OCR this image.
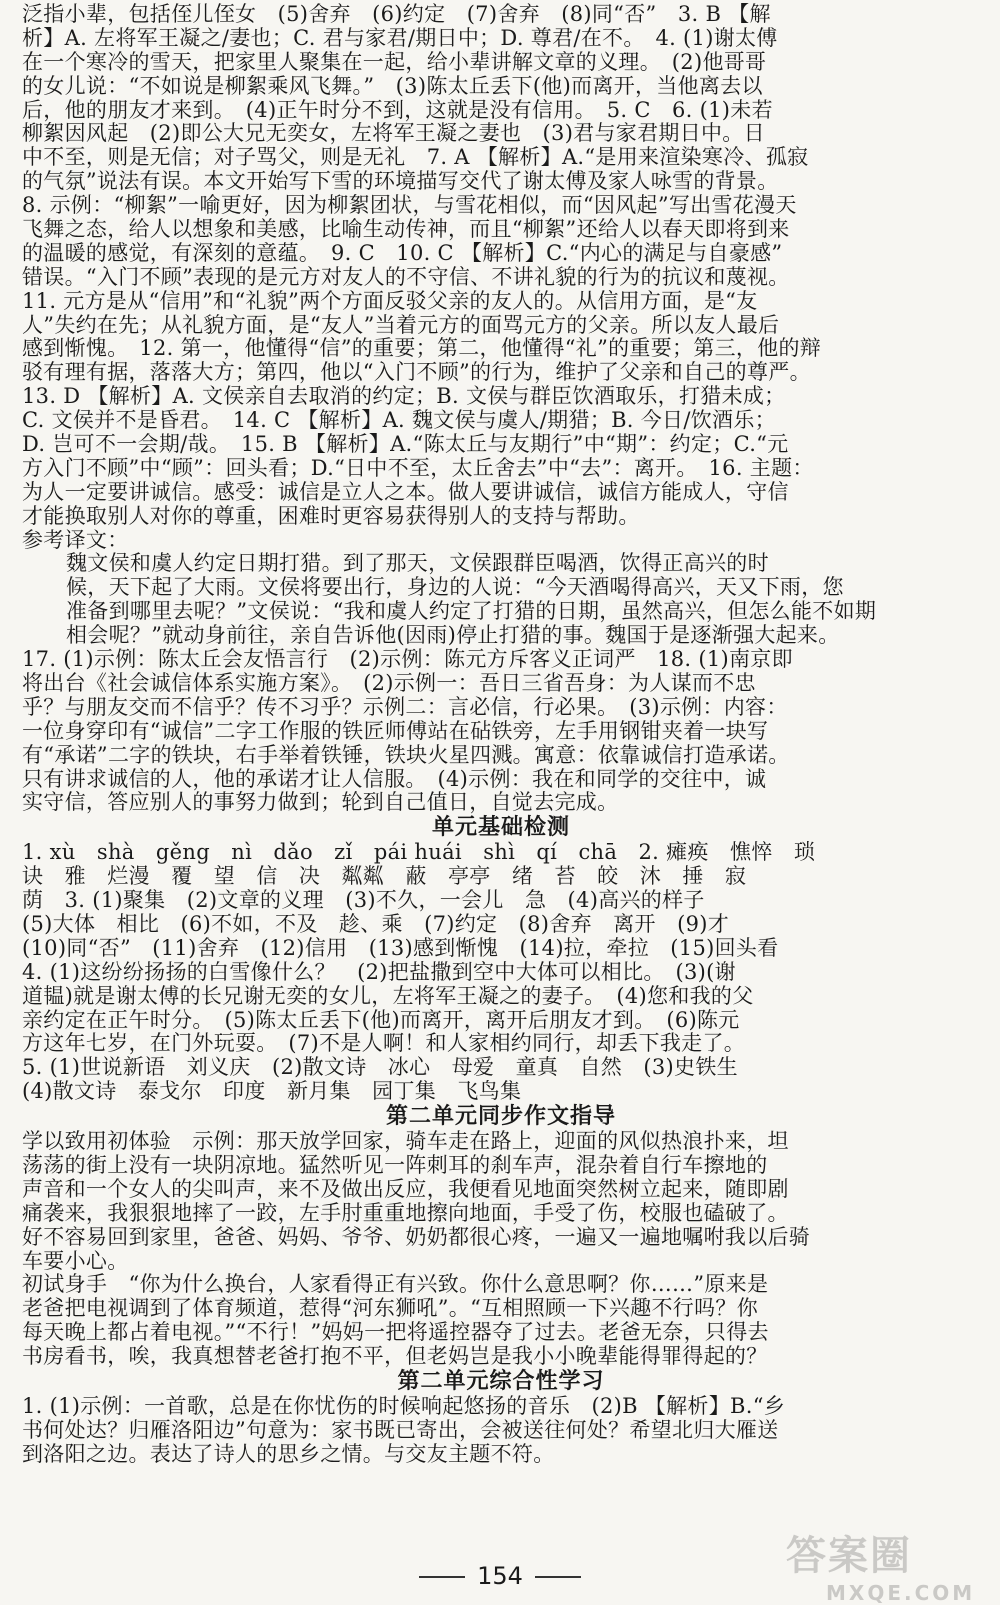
泛指小辈，包括侄儿侄女　(5)舍弃　(6)约定　(7)舍弃　(8)同“否”　3. B 【解
析】A. 左将军王凝之/妻也；C. 君与家君/期日中；D. 尊君/在不。　4. (1)谢太傅
在一个寒冷的雪天，把家里人聚集在一起，给小辈讲解文章的义理。　(2)他哥哥
的女儿说：“不如说是柳絮乘风飞舞。”　(3)陈太丘丢下(他)而离开，当他离去以
后，他的朋友才来到。　(4)正午时分不到，这就是没有信用。　5. C　6. (1)未若
柳絮因风起　(2)即公大兄无奕女，左将军王凝之妻也　(3)君与家君期日中。日
中不至，则是无信；对子骂父，则是无礼　7. A 【解析】A.“是用来渲染寒冷、孤寂
的气氛”说法有误。本文开始写下雪的环境描写交代了谢太傅及家人咏雪的背景。
8. 示例：“柳絮”一喻更好，因为柳絮团状，与雪花相似，而“因风起”写出雪花漫天
飞舞之态，给人以想象和美感，比喻生动传神，而且“柳絮”还给人以春天即将到来
的温暖的感觉，有深刻的意蕴。　9. C　10. C 【解析】C.“内心的满足与自豪感”
错误。“入门不顾”表现的是元方对友人的不守信、不讲礼貌的行为的抗议和蔑视。
11. 元方是从“信用”和“礼貌”两个方面反驳父亲的友人的。从信用方面，是“友
人”失约在先；从礼貌方面，是“友人”当着元方的面骂元方的父亲。所以友人最后
感到惭愧。　12. 第一，他懂得“信”的重要；第二，他懂得“礼”的重要；第三，他的辩
驳有理有据，落落大方；第四，他以“入门不顾”的行为，维护了父亲和自己的尊严。
13. D 【解析】A. 文侯亲自去取消的约定；B. 文侯与群臣饮酒取乐，打猎未成；
C. 文侯并不是昏君。　14. C 【解析】A. 魏文侯与虞人/期猎；B. 今日/饮酒乐；
D. 岂可不一会期/哉。　15. B 【解析】A.“陈太丘与友期行”中“期”：约定；C.“元
方入门不顾”中“顾”：回头看；D.“日中不至，太丘舍去”中“去”：离开。　16. 主题：
为人一定要讲诚信。感受：诚信是立人之本。做人要讲诚信，诚信方能成人，守信
才能换取别人对你的尊重，困难时更容易获得别人的支持与帮助。
参考译文：
魏文侯和虞人约定日期打猎。到了那天，文侯跟群臣喝酒，饮得正高兴的时
候，天下起了大雨。文侯将要出行，身边的人说：“今天酒喝得高兴，天又下雨，您
准备到哪里去呢？”文侯说：“我和虞人约定了打猎的日期，虽然高兴，但怎么能不如期
相会呢？”就动身前往，亲自告诉他(因雨)停止打猎的事。魏国于是逐渐强大起来。
17. (1)示例：陈太丘会友悟言行　(2)示例：陈元方斥客义正词严　18. (1)南京即
将出台《社会诚信体系实施方案》。　(2)示例一：吾日三省吾身：为人谋而不忠
乎？与朋友交而不信乎？传不习乎？示例二：言必信，行必果。　(3)示例：内容：
一位身穿印有“诚信”二字工作服的铁匠师傅站在砧铁旁，左手用钢钳夹着一块写
有“承诺”二字的铁块，右手举着铁锤，铁块火星四溅。寓意：依靠诚信打造承诺。
只有讲求诚信的人，他的承诺才让人信服。　(4)示例：我在和同学的交往中，诚
实守信，答应别人的事努力做到；轮到自己值日，自觉去完成。
单元基础检测
1. xù　shà　gěng　nì　dǎo　zǐ　pái huái　shì　qí　chā　2. 瘫痪　憔悴　琐
诀　雅　烂漫　覆　望　信　决　粼粼　蔽　亭亭　绪　苔　皎　沐　捶　寂
荫　3. (1)聚集　(2)文章的义理　(3)不久，一会儿　急　(4)高兴的样子
(5)大体　相比　(6)不如，不及　趁、乘　(7)约定　(8)舍弃　离开　(9)才
(10)同“否”　(11)舍弃　(12)信用　(13)感到惭愧　(14)拉，牵拉　(15)回头看
4. (1)这纷纷扬扬的白雪像什么？　(2)把盐撒到空中大体可以相比。　(3)(谢
道韫)就是谢太傅的长兄谢无奕的女儿，左将军王凝之的妻子。　(4)您和我的父
亲约定在正午时分。　(5)陈太丘丢下(他)而离开，离开后朋友才到。　(6)陈元
方这年七岁，在门外玩耍。　(7)不是人啊！和人家相约同行，却丢下我走了。
5. (1)世说新语　刘义庆　(2)散文诗　冰心　母爱　童真　自然　(3)史铁生
(4)散文诗　泰戈尔　印度　新月集　园丁集　飞鸟集
第二单元同步作文指导
学以致用初体验　示例：那天放学回家，骑车走在路上，迎面的风似热浪扑来，坦
荡荡的街上没有一块阴凉地。猛然听见一阵刺耳的刹车声，混杂着自行车擦地的
声音和一个女人的尖叫声，来不及做出反应，我便看见地面突然树立起来，随即剧
痛袭来，我狠狠地摔了一跤，左手肘重重地擦向地面，手受了伤，校服也磕破了。
好不容易回到家里，爸爸、妈妈、爷爷、奶奶都很心疼，一遍又一遍地嘱咐我以后骑
车要小心。
初试身手　“你为什么换台，人家看得正有兴致。你什么意思啊？你……”原来是
老爸把电视调到了体育频道，惹得“河东狮吼”。“互相照顾一下兴趣不行吗？你
每天晚上都占着电视。”“不行！”妈妈一把将遥控器夺了过去。老爸无奈，只得去
书房看书，唉，我真想替老爸打抱不平，但老妈岂是我小小晚辈能得罪得起的？
第二单元综合性学习
1. (1)示例：一首歌，总是在你忧伤的时候响起悠扬的音乐　(2)B 【解析】B.“乡
书何处达？归雁洛阳边”句意为：家书既已寄出，会被送往何处？希望北归大雁送
到洛阳之边。表达了诗人的思乡之情。与交友主题不符。
154	答案圈
MXQE.COM
